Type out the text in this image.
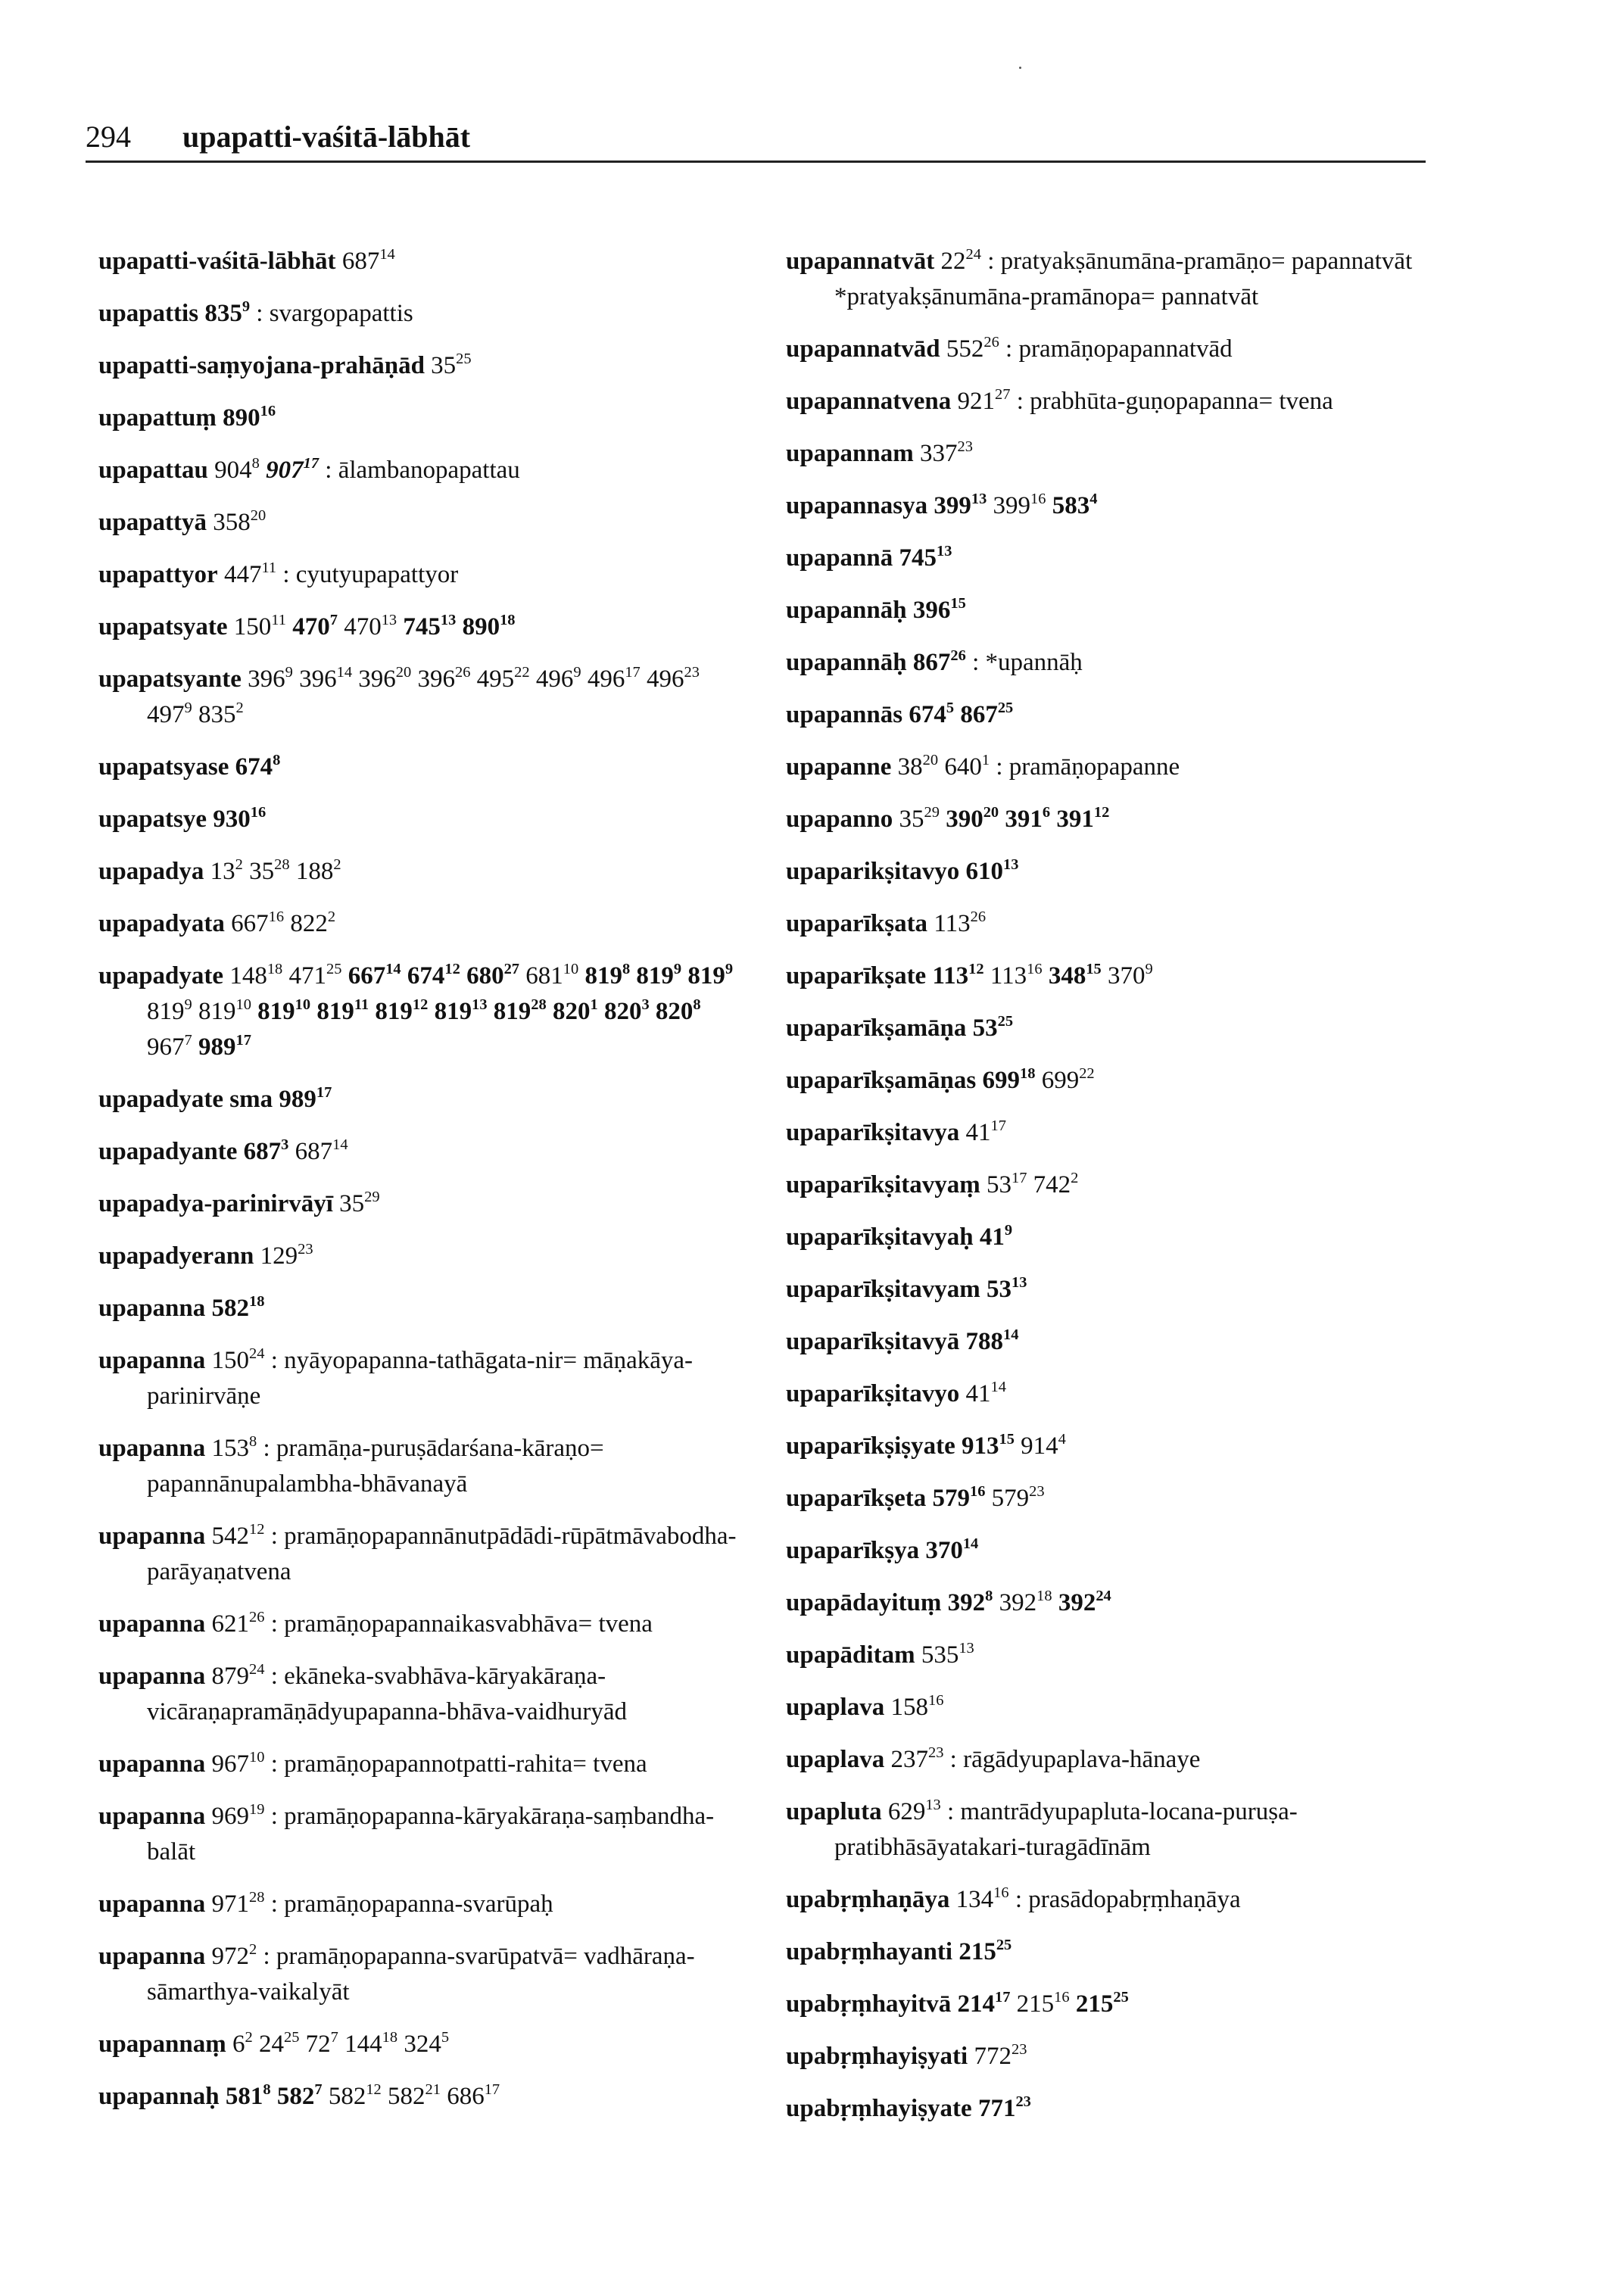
294 upapatti-vaśitā-lābhāt
upapatti-vaśitā-lābhāt $687^{14}$
upapattis $835^9$ : svargopapattis
upapatti-saṃyojana-prahāṇād $35^{25}$
upapattuṃ $890^{16}$
upapattau $904^8$ $907^{17}$ : ālambanopapattau
upapattyā $358^{20}$
upapattyor $447^{11}$ : cyutyupapattyor
upapatsyate $150^{11}$ $470^7$ $470^{13}$ $745^{13}$ $890^{18}$
upapatsyante $396^9$ $396^{14}$ $396^{20}$ $396^{26}$ $495^{22}$ $496^9$ $496^{17}$ $496^{23}$ $497^9$ $835^2$
upapatsyase $674^8$
upapatsye $930^{16}$
upapadya $13^2$ $35^{28}$ $188^2$
upapadyata $667^{16}$ $822^2$
upapadyate $148^{18}$ $471^{25}$ $667^{14}$ $674^{12}$ $680^{27}$ $681^{10}$ $819^8$ $819^9$ $819^9$ $819^9$ $819^{10}$ $819^{10}$ $819^{11}$ $819^{12}$ $819^{13}$ $819^{28}$ $820^1$ $820^3$ $820^8$ $967^7$ $989^{17}$
upapadyate sma $989^{17}$
upapadyante $687^3$ $687^{14}$
upapadya-parinirvāyī $35^{29}$
upapadyerann $129^{23}$
upapanna $582^{18}$
upapanna $150^{24}$ : nyāyopapanna-tathāgata-nir= māṇakāya-parinirvāṇe
upapanna $153^8$ : pramāṇa-puruṣādarśana-kāraṇo= papannānupalambha-bhāvanayā
upapanna $542^{12}$ : pramāṇopapannānutpādādi-rūpātmāvabodha-parāyaṇatvena
upapanna $621^{26}$ : pramāṇopapannaikasvabhāva= tvena
upapanna $879^{24}$ : ekāneka-svabhāva-kāryakāraṇa-vicāraṇapramāṇādyupapanna-bhāva-vaidhuryād
upapanna $967^{10}$ : pramāṇopapannotpatti-rahita= tvena
upapanna $969^{19}$ : pramāṇopapanna-kāryakāraṇa-saṃbandha-balāt
upapanna $971^{28}$ : pramāṇopapanna-svarūpaḥ
upapanna $972^2$ : pramāṇopapanna-svarūpatvā= vadhāraṇa-sāmarthya-vaikalyāt
upapannaṃ $6^2$ $24^{25}$ $72^7$ $144^{18}$ $324^5$
upapannaḥ $581^8$ $582^7$ $582^{12}$ $582^{21}$ $686^{17}$
upapannatvāt $22^{24}$ : pratyakṣānumāna-pramāṇo= papannatvāt *pratyakṣānumāna-pramānopa= pannatvāt
upapannatvād $552^{26}$ : pramāṇopapannatvād
upapannatvena $921^{27}$ : prabhūta-guṇopapanna= tvena
upapannam $337^{23}$
upapannasya $399^{13}$ $399^{16}$ $583^4$
upapannā $745^{13}$
upapannāḥ $396^{15}$
upapannāḥ $867^{26}$ : *upannāḥ
upapannās $674^5$ $867^{25}$
upapanne $38^{20}$ $640^1$ : pramāṇopapanne
upapanno $35^{29}$ $390^{20}$ $391^6$ $391^{12}$
upaparikṣitavyo $610^{13}$
upaparīkṣata $113^{26}$
upaparīkṣate $113^{12}$ $113^{16}$ $348^{15}$ $370^9$
upaparīkṣamāṇa $53^{25}$
upaparīkṣamāṇas $699^{18}$ $699^{22}$
upaparīkṣitavya $41^{17}$
upaparīkṣitavyaṃ $53^{17}$ $742^2$
upaparīkṣitavyaḥ $41^9$
upaparīkṣitavyam $53^{13}$
upaparīkṣitavyā $788^{14}$
upaparīkṣitavyo $41^{14}$
upaparīkṣiṣyate $913^{15}$ $914^4$
upaparīkṣeta $579^{16}$ $579^{23}$
upaparīkṣya $370^{14}$
upapādayituṃ $392^8$ $392^{18}$ $392^{24}$
upapāditam $535^{13}$
upaplava $158^{16}$
upaplava $237^{23}$ : rāgādyupaplava-hānaye
upapluta $629^{13}$ : mantrādyupapluta-locana-puruṣa-pratibhāsāyatakari-turagādīnām
upabṛṃhaṇāya $134^{16}$ : prasādopabṛṃhaṇāya
upabṛṃhayanti $215^{25}$
upabṛṃhayitvā $214^{17}$ $215^{16}$ $215^{25}$
upabṛṃhayiṣyati $772^{23}$
upabṛṃhayiṣyate $771^{23}$
